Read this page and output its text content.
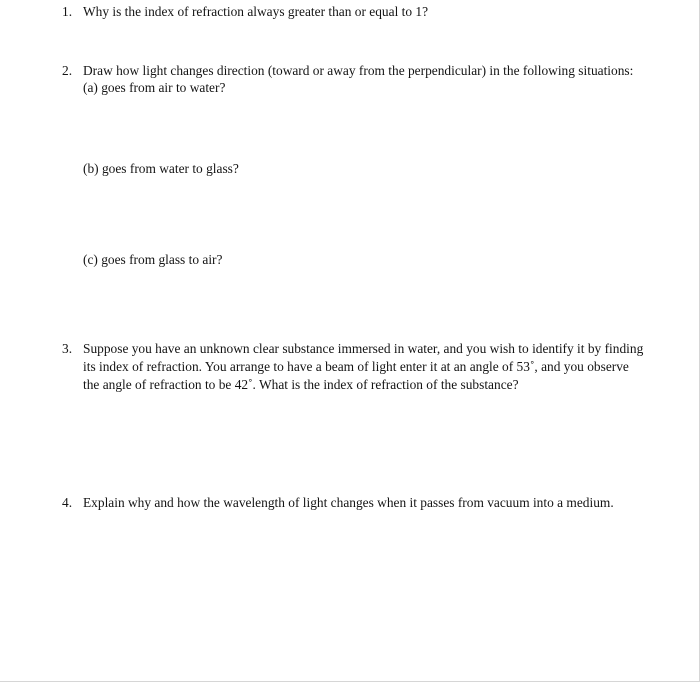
1. Why is the index of refraction always greater than or equal to 1?
2. Draw how light changes direction (toward or away from the perpendicular) in the following situations:
(a) goes from air to water?
(b) goes from water to glass?
(c) goes from glass to air?
3. Suppose you have an unknown clear substance immersed in water, and you wish to identify it by finding
its index of refraction. You arrange to have a beam of light enter it at an angle of 53˚, and you observe
the angle of refraction to be 42˚. What is the index of refraction of the substance?
4. Explain why and how the wavelength of light changes when it passes from vacuum into a medium.
